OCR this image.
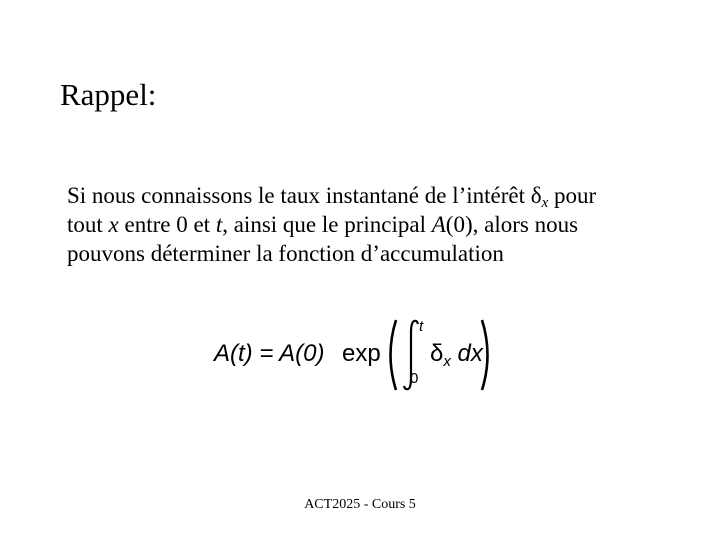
Rappel:
Si nous connaissons le taux instantané de l’intérêt $\delta_x$ pour
tout x entre 0 et t, ainsi que le principal A(0), alors nous
pouvons déterminer la fonction d’accumulation
A(t) = A(0) exp
t
0
$\delta_x$ dx
ACT2025 - Cours 5
